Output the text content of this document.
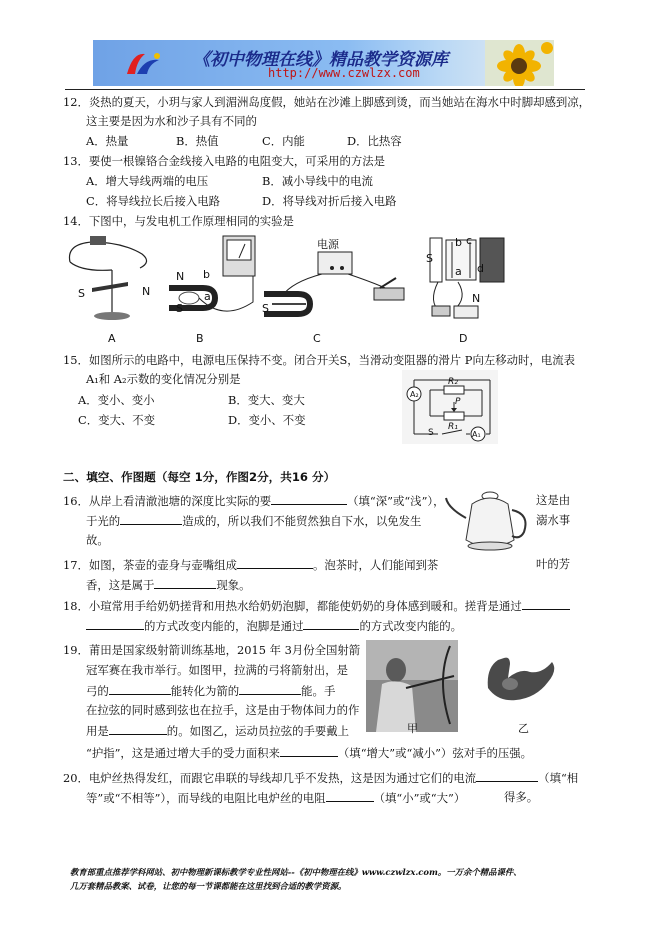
《初中物理在线》精品教学资源库
http://www.czwlzx.com
12．炎热的夏天，小玥与家人到湄洲岛度假，她站在沙滩上脚感到烫，而当她站在海水中时脚却感到凉，
这主要是因为水和沙子具有不同的
A．热量	B．热值	C．内能	D．比热容
13．要使一根镍铬合金线接入电路的电阻变大，可采用的方法是
A．增大导线两端的电压	B．减小导线中的电流
C．将导线拉长后接入电路	D．将导线对折后接入电路
14．下图中，与发电机工作原理相同的实验是
S	N
A
N b
S
a
B
电源
S
C
S
b c
a d
N
D
15．如图所示的电路中，电源电压保持不变。闭合开关S，当滑动变阻器的滑片 P向左移动时，电流表
A₁和 A₂示数的变化情况分别是
A．变小、变小	B．变大、变大
C．变大、不变	D．变小、不变
A₂
A₁
R₂
P
R₁
S
二、填空、作图题（每空 1分，作图2分，共16 分）
16．从岸上看清澈池塘的深度比实际的要	（填“深”或“浅”），	这是由
于光的	造成的，所以我们不能贸然独自下水，以免发生	溺水事
故。
17．如图，茶壶的壶身与壶嘴组成	。泡茶时，人们能闻到茶	叶的芳
香，这是属于	现象。
18．小瑄常用手给奶奶搓背和用热水给奶奶泡脚，都能使奶奶的身体感到暖和。搓背是通过
的方式改变内能的，泡脚是通过	的方式改变内能的。
19．莆田是国家级射箭训练基地，2015 年 3月份全国射箭
冠军赛在我市举行。如图甲，拉满的弓将箭射出，是
弓的	能转化为箭的	能。手
在拉弦的同时感到弦也在拉手，这是由于物体间力的作
用是	的。如图乙，运动员拉弦的手要戴上
“护指”，这是通过增大手的受力面积来	（填“增大”或“减小”）弦对手的压强。
甲	乙
20．电炉丝热得发红，而跟它串联的导线却几乎不发热，这是因为通过它们的电流	（填“相
等”或“不相等”），而导线的电阻比电炉丝的电阻	（填“小”或“大”）	得多。
教育部重点推荐学科网站、初中物理新课标教学专业性网站--《初中物理在线》www.czwlzx.com。一万余个精品课件、
几万套精品教案、试卷，让您的每一节课都能在这里找到合适的教学资源。
